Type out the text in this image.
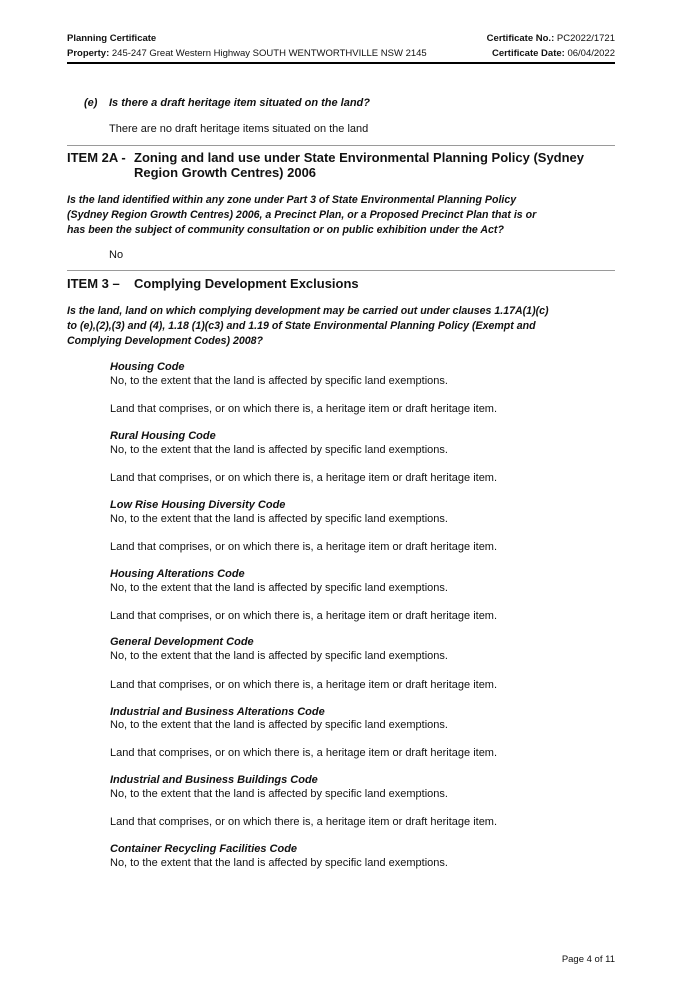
Planning Certificate	Certificate No.: PC2022/1721
Property: 245-247 Great Western Highway SOUTH WENTWORTHVILLE NSW 2145	Certificate Date: 06/04/2022
(e) Is there a draft heritage item situated on the land?
There are no draft heritage items situated on the land
ITEM 2A - Zoning and land use under State Environmental Planning Policy (Sydney
Region Growth Centres) 2006
Is the land identified within any zone under Part 3 of State Environmental Planning Policy
(Sydney Region Growth Centres) 2006, a Precinct Plan, or a Proposed Precinct Plan that is or
has been the subject of community consultation or on public exhibition under the Act?
No
ITEM 3 – Complying Development Exclusions
Is the land, land on which complying development may be carried out under clauses 1.17A(1)(c)
to (e),(2),(3) and (4), 1.18 (1)(c3) and 1.19 of State Environmental Planning Policy (Exempt and
Complying Development Codes) 2008?
Housing Code
No, to the extent that the land is affected by specific land exemptions.
Land that comprises, or on which there is, a heritage item or draft heritage item.
Rural Housing Code
No, to the extent that the land is affected by specific land exemptions.
Land that comprises, or on which there is, a heritage item or draft heritage item.
Low Rise Housing Diversity Code
No, to the extent that the land is affected by specific land exemptions.
Land that comprises, or on which there is, a heritage item or draft heritage item.
Housing Alterations Code
No, to the extent that the land is affected by specific land exemptions.
Land that comprises, or on which there is, a heritage item or draft heritage item.
General Development Code
No, to the extent that the land is affected by specific land exemptions.
Land that comprises, or on which there is, a heritage item or draft heritage item.
Industrial and Business Alterations Code
No, to the extent that the land is affected by specific land exemptions.
Land that comprises, or on which there is, a heritage item or draft heritage item.
Industrial and Business Buildings Code
No, to the extent that the land is affected by specific land exemptions.
Land that comprises, or on which there is, a heritage item or draft heritage item.
Container Recycling Facilities Code
No, to the extent that the land is affected by specific land exemptions.
Page 4 of 11
